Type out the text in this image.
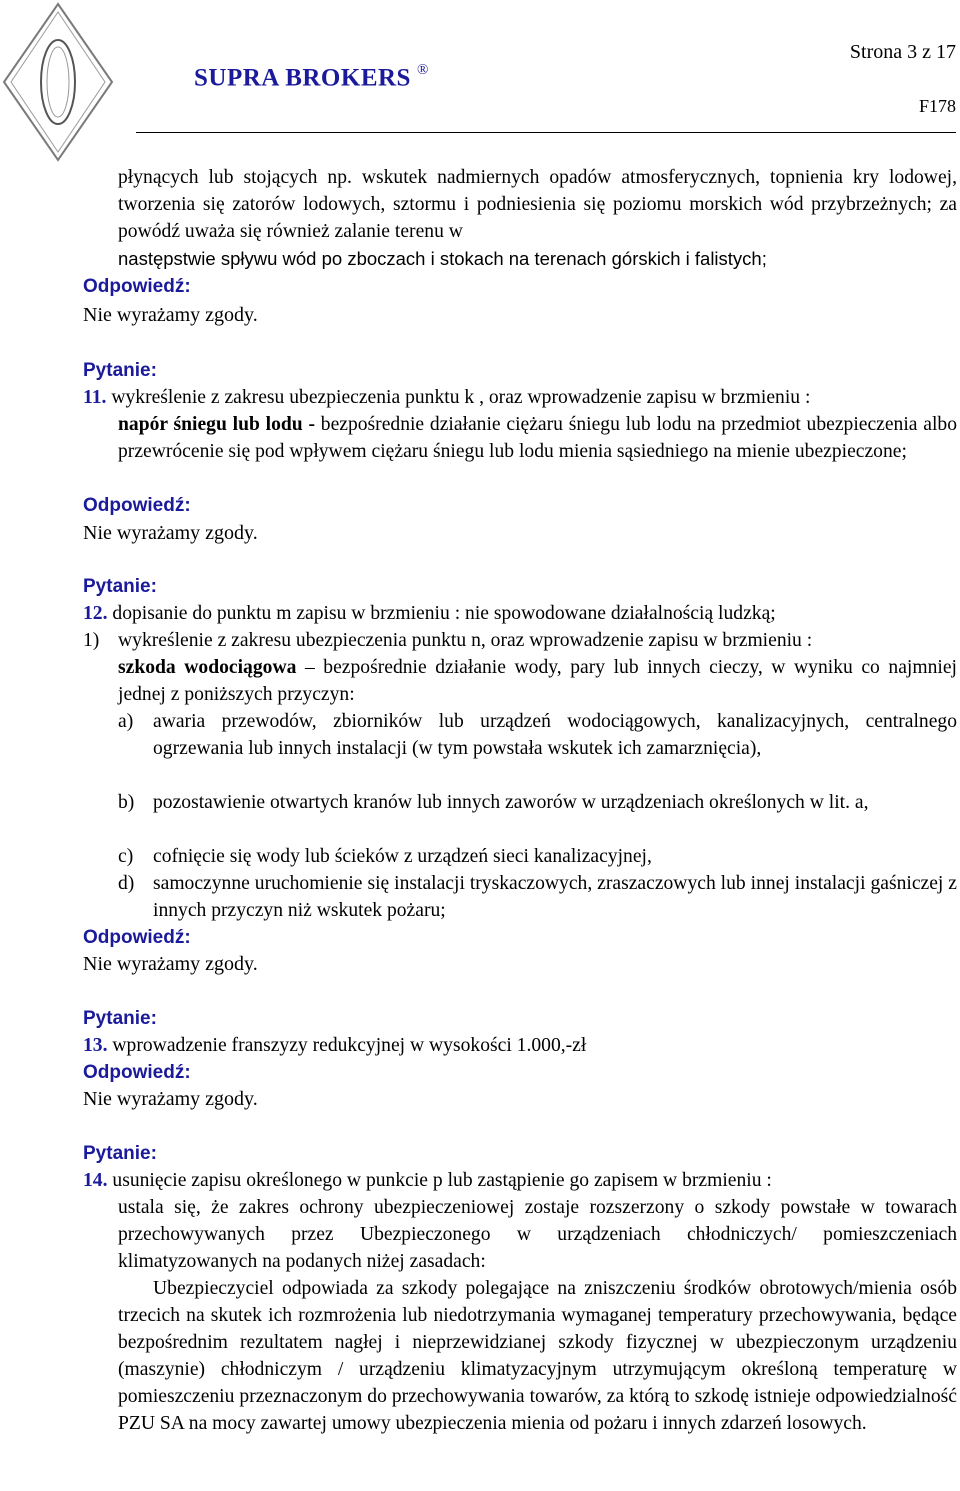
SUPRA BROKERS ®
Strona 3 z 17
F178
płynących lub stojących np. wskutek nadmiernych opadów atmosferycznych, topnienia kry lodowej, tworzenia się zatorów lodowych, sztormu i podniesienia się poziomu morskich wód przybrzeżnych; za powódź uważa się również zalanie terenu w
następstwie spływu wód po zboczach i stokach na terenach górskich i falistych;
Odpowiedź:
Nie wyrażamy zgody.
Pytanie:
11. wykreślenie z zakresu ubezpieczenia punktu k , oraz wprowadzenie zapisu w brzmieniu :
napór śniegu lub lodu - bezpośrednie działanie ciężaru śniegu lub lodu na przedmiot ubezpieczenia albo przewrócenie się pod wpływem ciężaru śniegu lub lodu mienia sąsiedniego na mienie ubezpieczone;
Odpowiedź:
Nie wyrażamy zgody.
Pytanie:
12. dopisanie do punktu m zapisu w brzmieniu : nie spowodowane działalnością ludzką;
1) wykreślenie z zakresu ubezpieczenia punktu n, oraz wprowadzenie zapisu w brzmieniu :
szkoda wodociągowa – bezpośrednie działanie wody, pary lub innych cieczy, w wyniku co najmniej jednej z poniższych przyczyn:
a) awaria przewodów, zbiorników lub urządzeń wodociągowych, kanalizacyjnych, centralnego ogrzewania lub innych instalacji (w tym powstała wskutek ich zamarznięcia),
b) pozostawienie otwartych kranów lub innych zaworów w urządzeniach określonych w lit. a,
c) cofnięcie się wody lub ścieków z urządzeń sieci kanalizacyjnej,
d) samoczynne uruchomienie się instalacji tryskaczowych, zraszaczowych lub innej instalacji gaśniczej z innych przyczyn niż wskutek pożaru;
Odpowiedź:
Nie wyrażamy zgody.
Pytanie:
13. wprowadzenie franszyzy redukcyjnej w wysokości 1.000,-zł
Odpowiedź:
Nie wyrażamy zgody.
Pytanie:
14. usunięcie zapisu określonego w punkcie p lub zastąpienie go zapisem w brzmieniu :
ustala się, że zakres ochrony ubezpieczeniowej zostaje rozszerzony o szkody powstałe w towarach przechowywanych przez Ubezpieczonego w urządzeniach chłodniczych/ pomieszczeniach klimatyzowanych na podanych niżej zasadach:
Ubezpieczyciel odpowiada za szkody polegające na zniszczeniu środków obrotowych/mienia osób trzecich na skutek ich rozmrożenia lub niedotrzymania wymaganej temperatury przechowywania, będące bezpośrednim rezultatem nagłej i nieprzewidzianej szkody fizycznej w ubezpieczonym urządzeniu (maszynie) chłodniczym / urządzeniu klimatyzacyjnym utrzymującym określoną temperaturę w pomieszczeniu przeznaczonym do przechowywania towarów, za którą to szkodę istnieje odpowiedzialność PZU SA na mocy zawartej umowy ubezpieczenia mienia od pożaru i innych zdarzeń losowych.
